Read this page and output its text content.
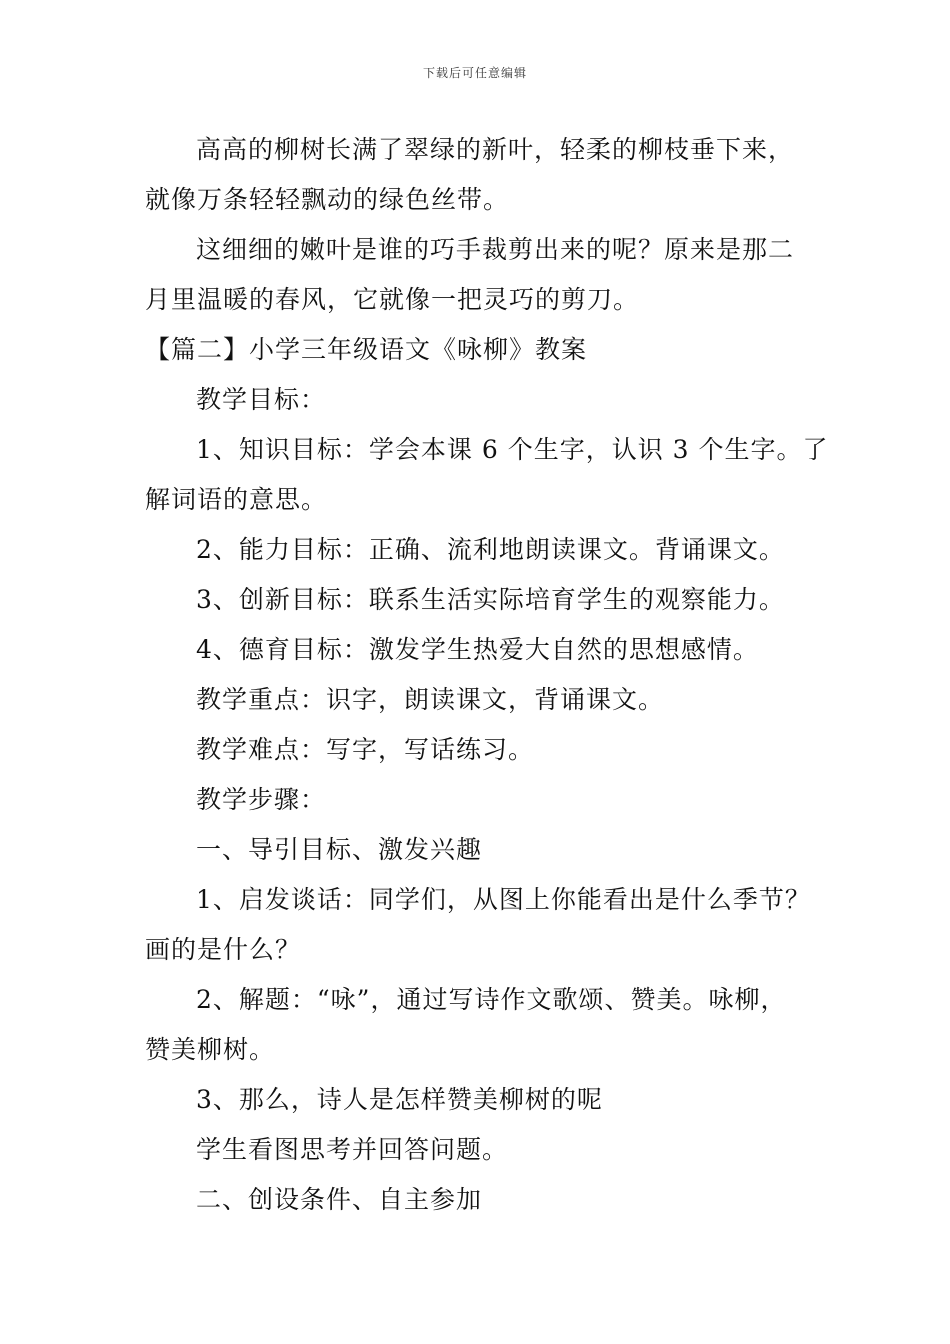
下载后可任意编辑
高高的柳树长满了翠绿的新叶，轻柔的柳枝垂下来，
就像万条轻轻飘动的绿色丝带。
这细细的嫩叶是谁的巧手裁剪出来的呢？原来是那二
月里温暖的春风，它就像一把灵巧的剪刀。
【篇二】小学三年级语文《咏柳》教案
教学目标：
1、知识目标：学会本课 6 个生字，认识 3 个生字。了
解词语的意思。
2、能力目标：正确、流利地朗读课文。背诵课文。
3、创新目标：联系生活实际培育学生的观察能力。
4、德育目标：激发学生热爱大自然的思想感情。
教学重点：识字，朗读课文，背诵课文。
教学难点：写字，写话练习。
教学步骤：
一、导引目标、激发兴趣
1、启发谈话：同学们，从图上你能看出是什么季节？
画的是什么？
2、解题：“咏”，通过写诗作文歌颂、赞美。咏柳，
赞美柳树。
3、那么，诗人是怎样赞美柳树的呢
学生看图思考并回答问题。
二、创设条件、自主参加
